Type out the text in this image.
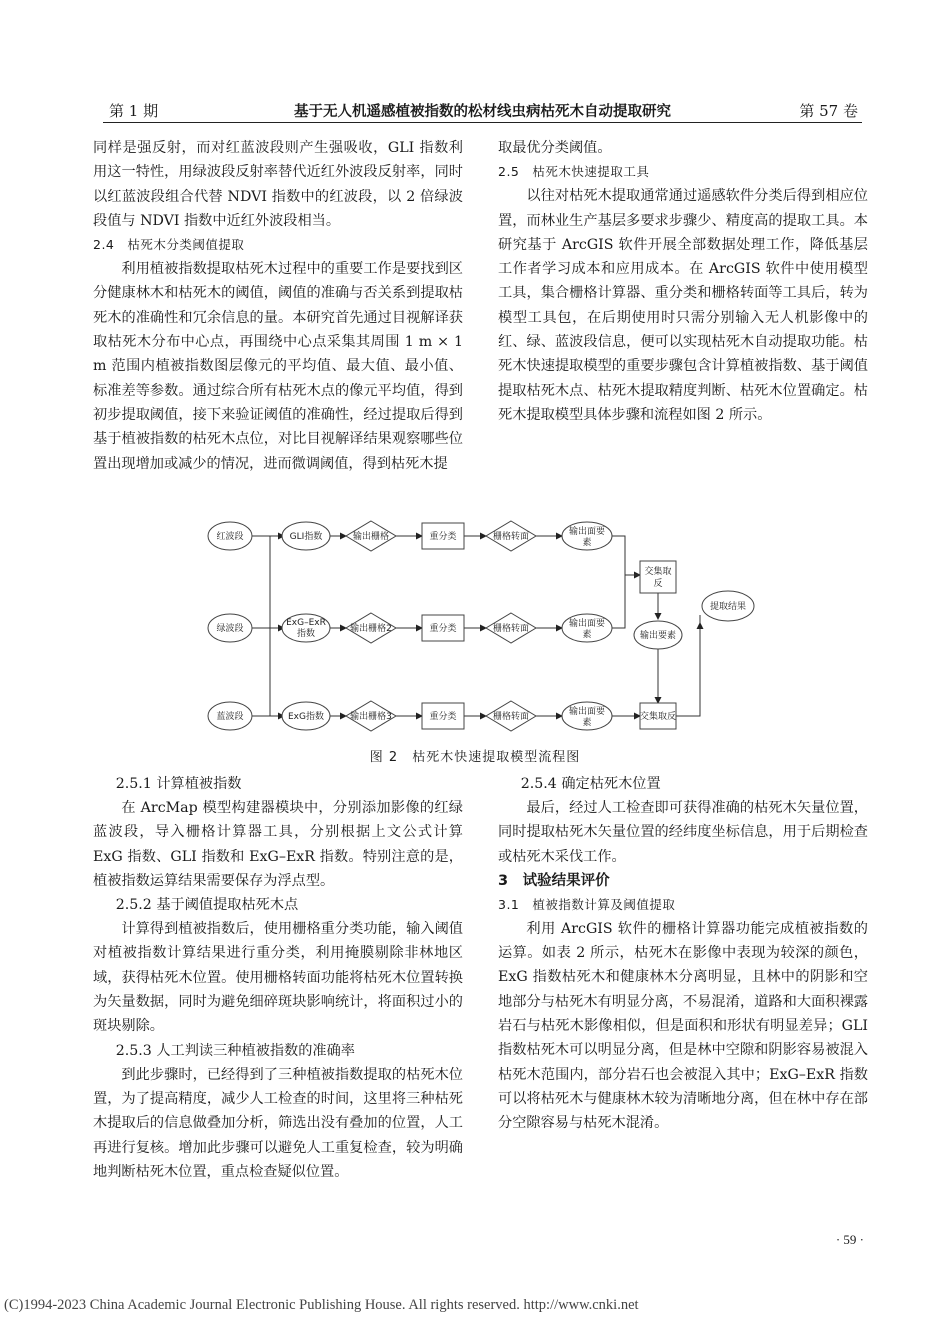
第 1 期	基于无人机遥感植被指数的松材线虫病枯死木自动提取研究	第 57 卷

同样是强反射，而对红蓝波段则产生强吸收，GLI 指数利用这一特性，用绿波段反射率替代近红外波段反射率，同时以红蓝波段组合代替 NDVI 指数中的红波段，以 2 倍绿波段值与 NDVI 指数中近红外波段相当。

2.4　枯死木分类阈值提取

利用植被指数提取枯死木过程中的重要工作是要找到区分健康林木和枯死木的阈值，阈值的准确与否关系到提取枯死木的准确性和冗余信息的量。本研究首先通过目视解译获取枯死木分布中心点，再围绕中心点采集其周围 1 m × 1 m 范围内植被指数图层像元的平均值、最大值、最小值、标准差等参数。通过综合所有枯死木点的像元平均值，得到初步提取阈值，接下来验证阈值的准确性，经过提取后得到基于植被指数的枯死木点位，对比目视解译结果观察哪些位置出现增加或减少的情况，进而微调阈值，得到枯死木提

取最优分类阈值。

2.5　枯死木快速提取工具

以往对枯死木提取通常通过遥感软件分类后得到相应位置，而林业生产基层多要求步骤少、精度高的提取工具。本研究基于 ArcGIS 软件开展全部数据处理工作，降低基层工作者学习成本和应用成本。在 ArcGIS 软件中使用模型工具，集合栅格计算器、重分类和栅格转面等工具后，转为模型工具包，在后期使用时只需分别输入无人机影像中的红、绿、蓝波段信息，便可以实现枯死木自动提取功能。枯死木快速提取模型的重要步骤包含计算植被指数、基于阈值提取枯死木点、枯死木提取精度判断、枯死木位置确定。枯死木提取模型具体步骤和流程如图 2 所示。

红波段	GLI指数	输出栅格	重分类	栅格转面	输出面要
素
绿波段
ExG–ExR
指数	输出栅格2	重分类	栅格转面	输出面要
素
蓝波段	ExG指数	输出栅格3	重分类	栅格转面	输出面要
素
交集取
反
输出要素
交集取反
提取结果
图 2　枯死木快速提取模型流程图

2.5.1 计算植被指数

在 ArcMap 模型构建器模块中，分别添加影像的红绿蓝波段，导入栅格计算器工具，分别根据上文公式计算 ExG 指数、GLI 指数和 ExG–ExR 指数。特别注意的是，植被指数运算结果需要保存为浮点型。

2.5.2 基于阈值提取枯死木点

计算得到植被指数后，使用栅格重分类功能，输入阈值对植被指数计算结果进行重分类，利用掩膜剔除非林地区域，获得枯死木位置。使用栅格转面功能将枯死木位置转换为矢量数据，同时为避免细碎斑块影响统计，将面积过小的斑块剔除。

2.5.3 人工判读三种植被指数的准确率

到此步骤时，已经得到了三种植被指数提取的枯死木位置，为了提高精度，减少人工检查的时间，这里将三种枯死木提取后的信息做叠加分析，筛选出没有叠加的位置，人工再进行复核。增加此步骤可以避免人工重复检查，较为明确地判断枯死木位置，重点检查疑似位置。

2.5.4 确定枯死木位置

最后，经过人工检查即可获得准确的枯死木矢量位置，同时提取枯死木矢量位置的经纬度坐标信息，用于后期检查或枯死木采伐工作。

3　试验结果评价

3.1　植被指数计算及阈值提取

利用 ArcGIS 软件的栅格计算器功能完成植被指数的运算。如表 2 所示，枯死木在影像中表现为较深的颜色，ExG 指数枯死木和健康林木分离明显，且林中的阴影和空地部分与枯死木有明显分离，不易混淆，道路和大面积裸露岩石与枯死木影像相似，但是面积和形状有明显差异；GLI 指数枯死木可以明显分离，但是林中空隙和阴影容易被混入枯死木范围内，部分岩石也会被混入其中；ExG–ExR 指数可以将枯死木与健康林木较为清晰地分离，但在林中存在部分空隙容易与枯死木混淆。

· 59 ·
(C)1994-2023 China Academic Journal Electronic Publishing House. All rights reserved. http://www.cnki.net
